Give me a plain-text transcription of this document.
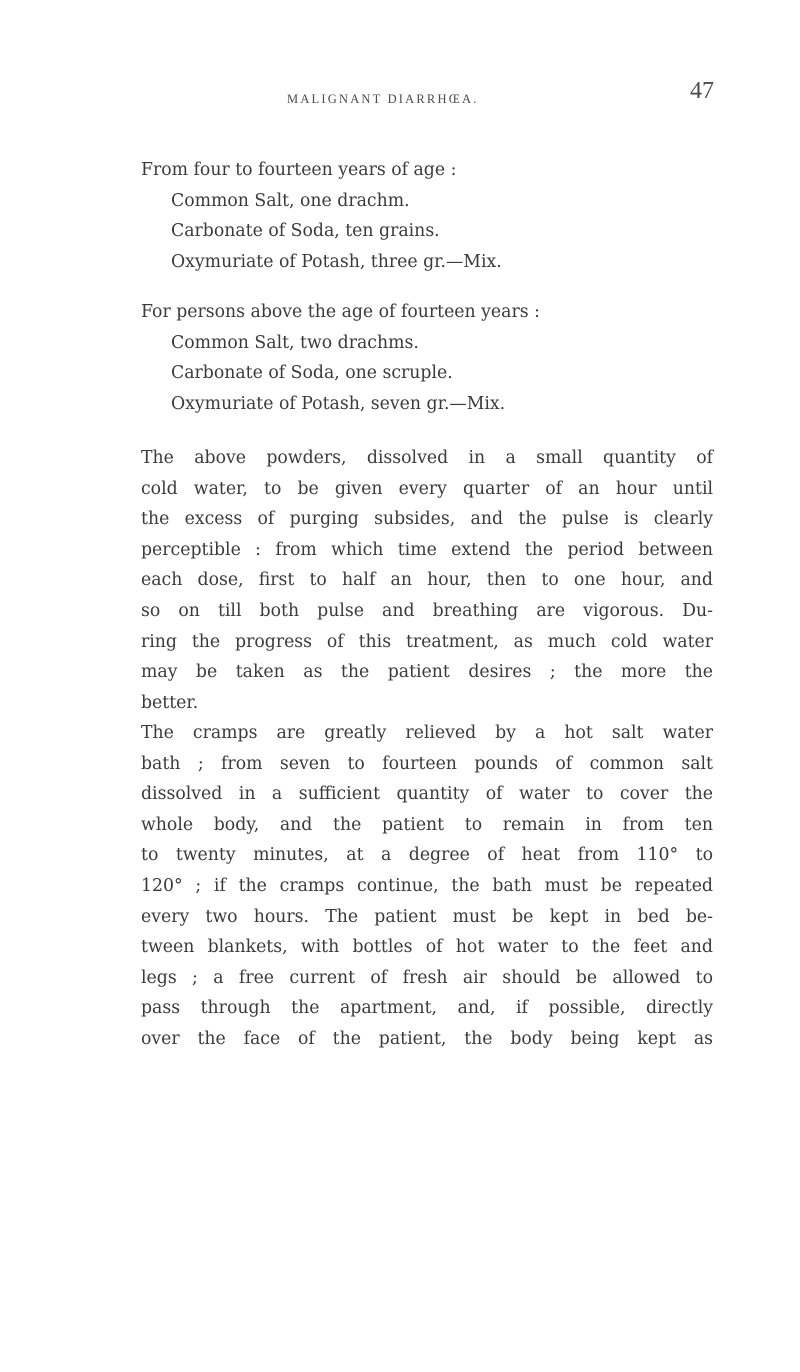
MALIGNANT DIARRHŒA.	47
From four to fourteen years of age :
Common Salt, one drachm.
Carbonate of Soda, ten grains.
Oxymuriate of Potash, three gr.—Mix.
For persons above the age of fourteen years :
Common Salt, two drachms.
Carbonate of Soda, one scruple.
Oxymuriate of Potash, seven gr.—Mix.
The above powders, dissolved in a small quantity of
cold water, to be given every quarter of an hour until
the excess of purging subsides, and the pulse is clearly
perceptible : from which time extend the period between
each dose, first to half an hour, then to one hour, and
so on till both pulse and breathing are vigorous. Du-
ring the progress of this treatment, as much cold water
may be taken as the patient desires ; the more the
better.
The cramps are greatly relieved by a hot salt water
bath ; from seven to fourteen pounds of common salt
dissolved in a sufficient quantity of water to cover the
whole body, and the patient to remain in from ten
to twenty minutes, at a degree of heat from 110° to
120° ; if the cramps continue, the bath must be repeated
every two hours. The patient must be kept in bed be-
tween blankets, with bottles of hot water to the feet and
legs ; a free current of fresh air should be allowed to
pass through the apartment, and, if possible, directly
over the face of the patient, the body being kept as
